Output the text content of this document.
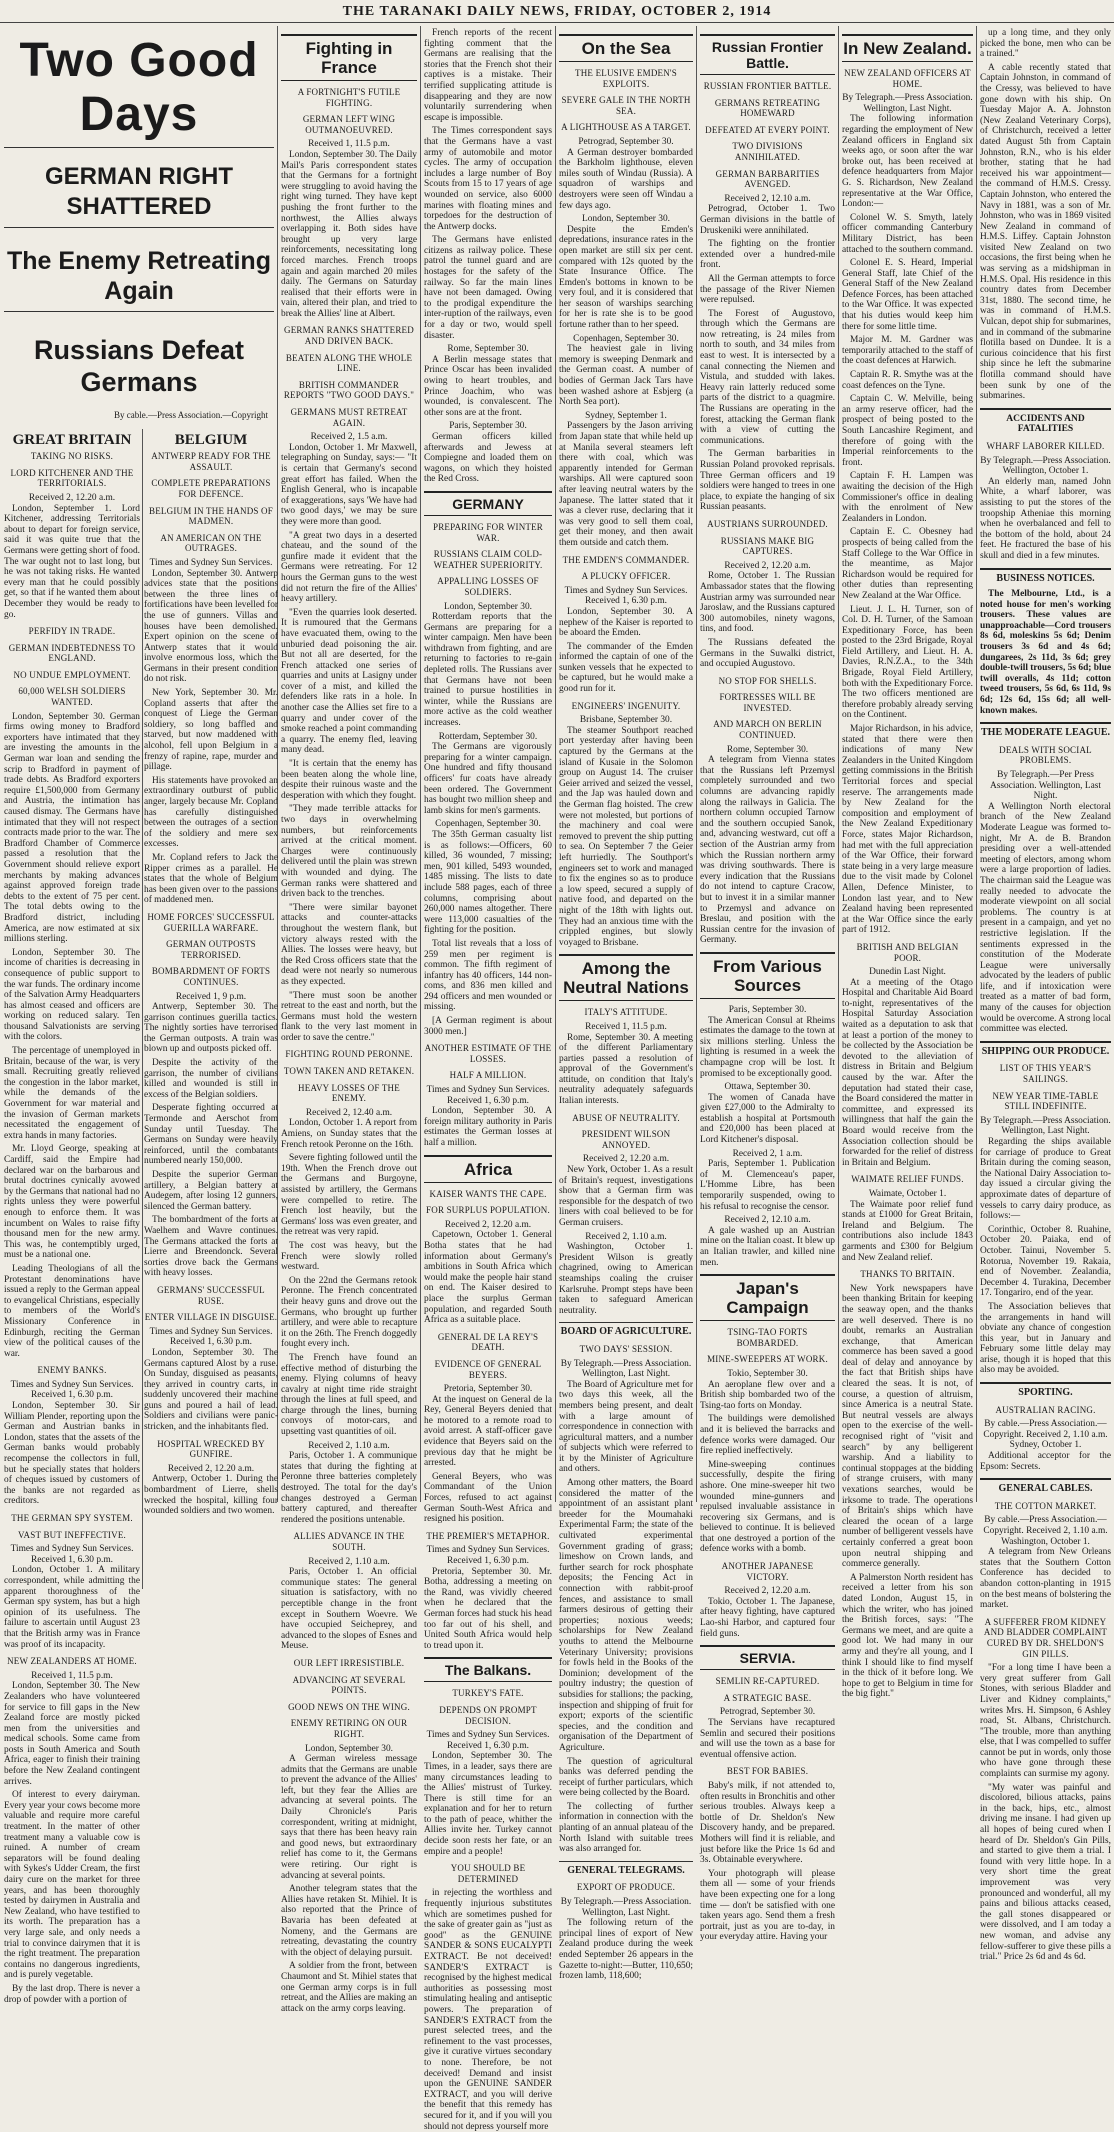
THE TARANAKI DAILY NEWS, FRIDAY, OCTOBER 2, 1914
Two Good Days
GERMAN RIGHT SHATTERED
The Enemy Retreating Again
Russians Defeat Germans
By cable.—Press Association.—Copyright
GREAT BRITAIN
TAKING NO RISKS.
LORD KITCHENER AND THE TERRITORIALS.
Received 2, 12.20 a.m.

London, September 1. Lord Kitchener, addressing Territorials about to depart for foreign service, said it was quite true that the Germans were getting short of food. The war ought not to last long, but he was not taking risks. He wanted every man that he could possibly get, so that if he wanted them about December they would be ready to go.

PERFIDY IN TRADE.
GERMAN INDEBTEDNESS TO ENGLAND.
NO UNDUE EMPLOYMENT.
60,000 WELSH SOLDIERS WANTED.

London, September 30. German firms owing money to Bradford exporters have intimated that they are investing the amounts in the German war loan and sending the scrip to Bradford in payment of trade debts. As Bradford exporters require £1,500,000 from Germany and Austria, the intimation has caused dismay. The Germans have intimated that they will not respect contracts made prior to the war. The Bradford Chamber of Commerce passed a resolution that the Government should relieve export merchants by making advances against approved foreign trade debts to the extent of 75 per cent. The total debts owing to the Bradford district, including America, are now estimated at six millions sterling.

London, September 30. The income of charities is decreasing in consequence of public support to the war funds. The ordinary income of the Salvation Army Headquarters has almost ceased and officers are working on reduced salary. Ten thousand Salvationists are serving with the colors.

The percentage of unemployed in Britain, because of the war, is very small. Recruiting greatly relieved the congestion in the labor market, while the demands of the Government for war material and the invasion of German markets necessitated the engagement of extra hands in many factories.

Mr. Lloyd George, speaking at Cardiff, said the Empire had declared war on the barbarous and brutal doctrines cynically avowed by the Germans that national had no rights unless they were powerful enough to enforce them. It was incumbent on Wales to raise fifty thousand men for the new army. This was, he contemptibly urged, must be a national one.

Leading Theologians of all the Protestant denominations have issued a reply to the German appeal to evangelical Christians, especially to members of the World's Missionary Conference in Edinburgh, reciting the German view of the political causes of the war.

ENEMY BANKS.
Times and Sydney Sun Services. Received 1, 6.30 p.m.

London, September 30. Sir William Plender, reporting upon the German and Austrian banks in London, states that the assets of the German banks would probably recompense the collectors in full, but he specially states that holders of cheques issued by customers of the banks are not regarded as creditors.

THE GERMAN SPY SYSTEM.
VAST BUT INEFFECTIVE.
Times and Sydney Sun Services. Received 1, 6.30 p.m.

London, October 1. A military correspondent, while admitting the apparent thoroughness of the German spy system, has but a high opinion of its usefulness. The failure to ascertain until August 23 that the British army was in France was proof of its incapacity.

NEW ZEALANDERS AT HOME.
Received 1, 11.5 p.m.

London, September 30. The New Zealanders who have volunteered for service to fill gaps in the New Zealand force are mostly picked men from the universities and medical schools. Some came from posts in South America and South Africa, eager to finish their training before the New Zealand contingent arrives.

Of interest to every dairyman. Every year your cows become more valuable and require more careful treatment. In the matter of other treatment many a valuable cow is ruined. A number of cream separators will be found dealing with Sykes's Udder Cream, the first dairy cure on the market for three years, and has been thoroughly tested by dairymen in Australia and New Zealand, who have testified to its worth. The preparation has a very large sale, and only needs a trial to convince dairymen that it is the right treatment. The preparation contains no dangerous ingredients, and is purely vegetable.

By the last drop. There is never a drop of powder with a portion of

BELGIUM
ANTWERP READY FOR THE ASSAULT.
COMPLETE PREPARATIONS FOR DEFENCE.
BELGIUM IN THE HANDS OF MADMEN.
AN AMERICAN ON THE OUTRAGES.
Times and Sydney Sun Services.

London, September 30. Antwerp advices state that the positions between the three lines of fortifications have been levelled for the use of gunners. Villas and houses have been demolished. Expert opinion on the scene of Antwerp states that it would involve enormous loss, which the Germans in their present condition do not risk.

New York, September 30. Mr. Copland asserts that after the conquest of Liege the German soldiery, so long baffled and starved, but now maddened with alcohol, fell upon Belgium in a frenzy of rapine, rape, murder and pillage.

His statements have provoked an extraordinary outburst of public anger, largely because Mr. Copland has carefully distinguished between the outrages of a section of the soldiery and mere sex excesses.

Mr. Copland refers to Jack the Ripper crimes as a parallel. He states that the whole of Belgium has been given over to the passions of maddened men.

HOME FORCES' SUCCESSFUL GUERILLA WARFARE.
GERMAN OUTPOSTS TERRORISED.
BOMBARDMENT OF FORTS CONTINUES.
Received 1, 9 p.m.

Antwerp, September 30. The garrison continues guerilla tactics. The nightly sorties have terrorised the German outposts. A train was blown up and outposts picked off.

Despite the activity of the garrison, the number of civilians killed and wounded is still in excess of the Belgian soldiers.

Desperate fighting occurred at Termonde and Aerschot from Sunday until Tuesday. The Germans on Sunday were heavily reinforced, until the combatants numbered nearly 150,000.

Despite the superior German artillery, a Belgian battery at Audegem, after losing 12 gunners, silenced the German battery.

The bombardment of the forts at Waelhem and Wavre continues. The Germans attacked the forts at Lierre and Breendonck. Several sorties drove back the Germans with heavy losses.

GERMANS' SUCCESSFUL RUSE.
ENTER VILLAGE IN DISGUISE.
Times and Sydney Sun Services. Received 1, 6.30 p.m.

London, September 30. The Germans captured Alost by a ruse. On Sunday, disguised as peasants, they arrived in country carts, in suddenly uncovered their machine guns and poured a hail of lead. Soldiers and civilians were panic-stricken, and the inhabitants fled.

HOSPITAL WRECKED BY GUNFIRE.
Received 2, 12.20 a.m.

Antwerp, October 1. During the bombardment of Lierre, shells wrecked the hospital, killing four wounded soldiers and two women.

Fighting in France
A FORTNIGHT'S FUTILE FIGHTING.
GERMAN LEFT WING OUTMANOEUVRED.
Received 1, 11.5 p.m.

London, September 30. The Daily Mail's Paris correspondent states that the Germans for a fortnight were struggling to avoid having the right wing turned. They have kept pushing the front further to the northwest, the Allies always overlapping it. Both sides have brought up very large reinforcements, necessitating long forced marches. French troops again and again marched 20 miles daily. The Germans on Saturday realised that their efforts were in vain, altered their plan, and tried to break the Allies' line at Albert.

GERMAN RANKS SHATTERED AND DRIVEN BACK.
BEATEN ALONG THE WHOLE LINE.
BRITISH COMMANDER REPORTS "TWO GOOD DAYS."
GERMANS MUST RETREAT AGAIN.
Received 2, 1.5 a.m.

London, October 1. Mr Maxwell, telegraphing on Sunday, says:— "It is certain that Germany's second great effort has failed. When the English General, who is incapable of exaggerations, says 'We have had two good days,' we may be sure they were more than good.

"A great two days in a deserted chateau, and the sound of the gunfire made it evident that the Germans were retreating. For 12 hours the German guns to the west did not return the fire of the Allies' heavy artillery.

"Even the quarries look deserted. It is rumoured that the Germans have evacuated them, owing to the unburied dead poisoning the air. But not all are deserted, for the French attacked one series of quarries and units at Lasigny under cover of a mist, and killed the defenders like rats in a hole. In another case the Allies set fire to a quarry and under cover of the smoke reached a point commanding a quarry. The enemy fled, leaving many dead.

"It is certain that the enemy has been beaten along the whole line, despite their ruinous waste and the desperation with which they fought.

"They made terrible attacks for two days in overwhelming numbers, but reinforcements arrived at the critical moment. Charges were continuously delivered until the plain was strewn with wounded and dying. The German ranks were shattered and driven back to the trenches.

"There were similar bayonet attacks and counter-attacks throughout the western flank, but victory always rested with the Allies. The losses were heavy, but the Red Cross officers state that the dead were not nearly so numerous as they expected.

"There must soon be another retreat to the east and north, but the Germans must hold the western flank to the very last moment in order to save the centre."

FIGHTING ROUND PERONNE.
TOWN TAKEN AND RETAKEN.
HEAVY LOSSES OF THE ENEMY.
Received 2, 12.40 a.m.

London, October 1. A report from Amiens, on Sunday states that the French retook Peronne on the 16th.

Severe fighting followed until the 19th. When the French drove out the Germans and Burgoyne, assisted by artillery, the Germans were compelled to retire. The French lost heavily, but the Germans' loss was even greater, and the retreat was very rapid.

The cost was heavy, but the French were slowly rolled westward.

On the 22nd the Germans retook Peronne. The French concentrated their heavy guns and drove out the Germans, who brought up further artillery, and were able to recapture it on the 26th. The French doggedly fought every inch.

The French have found an effective method of disturbing the enemy. Flying columns of heavy cavalry at night time ride straight through the lines at full speed, and charge through the lines, burning convoys of motor-cars, and upsetting vast quantities of oil.

Received 2, 1.10 a.m.

Paris, October 1. A communique states that during the fighting at Peronne three batteries completely destroyed. The total for the day's changes destroyed a German battery captured, and thereafter rendered the positions untenable.

ALLIES ADVANCE IN THE SOUTH.
Received 2, 1.10 a.m.

Paris, October 1. An official communique states: The general situation is satisfactory, with no perceptible change in the front except in Southern Woevre. We have occupied Seicheprey, and advanced to the slopes of Esnes and Meuse.

OUR LEFT IRRESISTIBLE.
ADVANCING AT SEVERAL POINTS.
GOOD NEWS ON THE WING.
ENEMY RETIRING ON OUR RIGHT.
London, September 30.

A German wireless message admits that the Germans are unable to prevent the advance of the Allies' left, but they fear the Allies are advancing at several points. The Daily Chronicle's Paris correspondent, writing at midnight, says that there has been heavy rain and good news, but extraordinary relief has come to it, the Germans were retiring. Our right is advancing at several points.

Another telegram states that the Allies have retaken St. Mihiel. It is also reported that the Prince of Bavaria has been defeated at Nomeny, and the Germans are retreating, devastating the country with the object of delaying pursuit.

A soldier from the front, between Chaumont and St. Mihiel states that one German army corps is in full retreat, and the Allies are making an attack on the army corps leaving.

French reports of the recent fighting comment that the Germans are realising that the stories that the French shot their captives is a mistake. Their terrified supplicating attitude is disappearing and they are now voluntarily surrendering when escape is impossible.

The Times correspondent says that the Germans have a vast army of automobile and motor cycles. The army of occupation includes a large number of Boy Scouts from 15 to 17 years of age wounded on service, also 6000 marines with floating mines and torpedoes for the destruction of the Antwerp docks.

The Germans have enlisted citizens as railway police. These patrol the tunnel guard and are hostages for the safety of the railway. So far the main lines have not been damaged. Owing to the prodigal expenditure the inter-ruption of the railways, even for a day or two, would spell disaster.

Rome, September 30.

A Berlin message states that Prince Oscar has been invalided owing to heart troubles, and Prince Joachim, who was wounded, is convalescent. The other sons are at the front.

Paris, September 30.

German officers killed afterwards and Jewess at Compiegne and loaded them on wagons, on which they hoisted the Red Cross.

GERMANY
PREPARING FOR WINTER WAR.
RUSSIANS CLAIM COLD-WEATHER SUPERIORITY.
APPALLING LOSSES OF SOLDIERS.
London, September 30.

Rotterdam reports that the Germans are preparing for a winter campaign. Men have been withdrawn from fighting, and are returning to factories to re-gain depleted rolls. The Russians aver that Germans have not been trained to pursue hostilities in winter, while the Russians are more active as the cold weather increases.

Rotterdam, September 30.

The Germans are vigorously preparing for a winter campaign. One hundred and fifty thousand officers' fur coats have already been ordered. The Government has bought two million sheep and lamb skins for men's garments.

Copenhagen, September 30.

The 35th German casualty list is as follows:—Officers, 60 killed, 36 wounded, 7 missing; men, 901 killed, 5493 wounded, 1485 missing. The lists to date include 588 pages, each of three columns, comprising about 260,000 names altogether. There were 113,000 casualties of the fighting for the position.

Total list reveals that a loss of 259 men per regiment is common. The fifth regiment of infantry has 40 officers, 144 non-coms, and 836 men killed and 294 officers and men wounded or missing.

[A German regiment is about 3000 men.]

ANOTHER ESTIMATE OF THE LOSSES.
HALF A MILLION.
Times and Sydney Sun Services. Received 1, 6.30 p.m.

London, September 30. A foreign military authority in Paris estimates the German losses at half a million.

Africa
KAISER WANTS THE CAPE.
FOR SURPLUS POPULATION.
Received 2, 12.20 a.m.

Capetown, October 1. General Botha states that he had information about Germany's ambitions in South Africa which would make the people hair stand on end. The Kaiser desired to place the surplus German population, and regarded South Africa as a suitable place.

GENERAL DE LA REY'S DEATH.
EVIDENCE OF GENERAL BEYERS.
Pretoria, September 30.

At the inquest on General de la Rey, General Beyers denied that he motored to a remote road to avoid arrest. A staff-officer gave evidence that Beyers said on the previous day that he might be arrested.

General Beyers, who was Commandant of the Union Forces, refused to act against German South-West Africa and resigned his position.

THE PREMIER'S METAPHOR.
Times and Sydney Sun Services. Received 1, 6.30 p.m.

Pretoria, September 30. Mr. Botha, addressing a meeting on the Rand, was vividly cheered when he declared that the German forces had stuck his head too far out of his shell, and United South Africa would help to tread upon it.

The Balkans.
TURKEY'S FATE.
DEPENDS ON PROMPT DECISION.
Times and Sydney Sun Services. Received 1, 6.30 p.m.

London, September 30. The Times, in a leader, says there are many circumstances leading to the Allies' mistrust of Turkey. There is still time for an explanation and for her to return to the path of peace, whither the Allies invite her. Turkey cannot decide soon rests her fate, or an empire and a people!

YOU SHOULD BE DETERMINED

in rejecting the worthless and frequently injurious substitutes which are sometimes pushed for the sake of greater gain as "just as good" as the GENUINE SANDER & SONS EUCALYPTI EXTRACT. Be not deceived! SANDER'S EXTRACT is recognised by the highest medical authorities as possessing most stimulating healing and antiseptic powers. The preparation of SANDER'S EXTRACT from the purest selected trees, and the refinement to the vast processes, give it curative virtues secondary to none. Therefore, be not deceived! Demand and insist upon the GENUINE SANDER EXTRACT, and you will derive the benefit that this remedy has secured for it, and if you will you should not depress yourself more

On the Sea
THE ELUSIVE EMDEN'S EXPLOITS.
SEVERE GALE IN THE NORTH SEA.
A LIGHTHOUSE AS A TARGET.
Petrograd, September 30.

A German destroyer bombarded the Barkholm lighthouse, eleven miles south of Windau (Russia). A squadron of warships and destroyers were seen off Windau a few days ago.

London, September 30.

Despite the Emden's depredations, insurance rates in the open market are still six per cent. compared with 12s quoted by the State Insurance Office. The Emden's bottoms in known to be very foul, and it is considered that her season of warships searching for her is rate she is to be good fortune rather than to her speed.

Copenhagen, September 30.

The heaviest gale in living memory is sweeping Denmark and the German coast. A number of bodies of German Jack Tars have been washed ashore at Esbjerg (a North Sea port).

Sydney, September 1.

Passengers by the Jason arriving from Japan state that while held up at Manila several steamers left there with coal, which was apparently intended for German warships. All were captured soon after leaving neutral waters by the Japanese. The latter stated that it was a clever ruse, declaring that it was very good to sell them coal, get their money, and then await them outside and catch them.

THE EMDEN'S COMMANDER.
A PLUCKY OFFICER.
Times and Sydney Sun Services. Received 1, 6.30 p.m.

London, September 30. A nephew of the Kaiser is reported to be aboard the Emden.

The commander of the Emden informed the captain of one of the sunken vessels that he expected to be captured, but he would make a good run for it.

ENGINEERS' INGENUITY.
Brisbane, September 30.

The steamer Southport reached port yesterday after having been captured by the Germans at the island of Kusaie in the Solomon group on August 14. The cruiser Geier arrived and seized the vessel, and the Jap was hauled down and the German flag hoisted. The crew were not molested, but portions of the machinery and coal were removed to prevent the ship putting to sea. On September 7 the Geier left hurriedly. The Southport's engineers set to work and managed to fix the engines so as to produce a low speed, secured a supply of native food, and departed on the night of the 18th with lights out. They had an anxious time with the crippled engines, but slowly voyaged to Brisbane.

Among the Neutral Nations
ITALY'S ATTITUDE.
Received 1, 11.5 p.m.

Rome, September 30. A meeting of the different Parliamentary parties passed a resolution of approval of the Government's attitude, on condition that Italy's neutrality adequately safeguards Italian interests.

ABUSE OF NEUTRALITY.
PRESIDENT WILSON ANNOYED.
Received 2, 12.20 a.m.

New York, October 1. As a result of Britain's request, investigations show that a German firm was responsible for the despatch of two liners with coal believed to be for German cruisers.

Received 2, 1.10 a.m.

Washington, October 1. President Wilson is greatly chagrined, owing to American steamships coaling the cruiser Karlsruhe. Prompt steps have been taken to safeguard American neutrality.

BOARD OF AGRICULTURE.
TWO DAYS' SESSION.
By Telegraph.—Press Association. Wellington, Last Night.

The Board of Agriculture met for two days this week, all the members being present, and dealt with a large amount of correspondence in connection with agricultural matters, and a number of subjects which were referred to it by the Minister of Agriculture and others.

Among other matters, the Board considered the matter of the appointment of an assistant plant breeder for the Moumahaki Experimental Farm; the state of the cultivated experimental Government grading of grass; limeshow on Crown lands, and further search for rock phosphate deposits; the Fencing Act in connection with rabbit-proof fences, and assistance to small farmers desirous of getting their properties; noxious weeds; scholarships for New Zealand youths to attend the Melbourne Veterinary University; provisions for fowls held in the Books of the Dominion; development of the poultry industry; the question of subsidies for stallions; the packing, inspection and shipping of fruit for export; exports of the scientific species, and the condition and organisation of the Department of Agriculture.

The question of agricultural banks was deferred pending the receipt of further particulars, which were being collected by the Board.

The collecting of further information in connection with the planting of an annual plateau of the North Island with suitable trees was also arranged for.

GENERAL TELEGRAMS.
EXPORT OF PRODUCE.
By Telegraph.—Press Association. Wellington, Last Night.

The following return of the principal lines of export of New Zealand produce during the week ended September 26 appears in the Gazette to-night:—Butter, 110,650; frozen lamb, 118,600;

Russian Frontier Battle.
RUSSIAN FRONTIER BATTLE.
GERMANS RETREATING HOMEWARD
DEFEATED AT EVERY POINT.
TWO DIVISIONS ANNIHILATED.
GERMAN BARBARITIES AVENGED.
Received 2, 12.10 a.m.

Petrograd, October 1. Two German divisions in the battle of Druskeniki were annihilated.

The fighting on the frontier extended over a hundred-mile front.

All the German attempts to force the passage of the River Niemen were repulsed.

The Forest of Augustovo, through which the Germans are now retreating, is 24 miles from north to south, and 34 miles from east to west. It is intersected by a canal connecting the Niemen and Vistula, and studded with lakes. Heavy rain latterly reduced some parts of the district to a quagmire. The Russians are operating in the forest, attacking the German flank with a view of cutting the communications.

The German barbarities in Russian Poland provoked reprisals. Three German officers and 19 soldiers were hanged to trees in one place, to expiate the hanging of six Russian peasants.

AUSTRIANS SURROUNDED.
RUSSIANS MAKE BIG CAPTURES.
Received 2, 12.20 a.m.

Rome, October 1. The Russian Ambassador states that the flowing Austrian army was surrounded near Jaroslaw, and the Russians captured 300 automobiles, ninety wagons, tins, and food.

The Russians defeated the Germans in the Suwalki district, and occupied Augustovo.

NO STOP FOR SHELLS.
FORTRESSES WILL BE INVESTED.
AND MARCH ON BERLIN CONTINUED.
Rome, September 30.

A telegram from Vienna states that the Russians left Przemysl completely surrounded and two columns are advancing rapidly along the railways in Galicia. The northern column occupied Tarnow and the southern occupied Sanok, and, advancing westward, cut off a section of the Austrian army from which the Russian northern army was driving southwards. There is every indication that the Russians do not intend to capture Cracow, but to invest it in a similar manner to Przemysl and advance on Breslau, and position with the Russian centre for the invasion of Germany.

From Various Sources
Paris, September 30.

The American Consul at Rheims estimates the damage to the town at six millions sterling. Unless the lighting is resumed in a week the champagne crop will be lost. It promised to be exceptionally good.

Ottawa, September 30.

The women of Canada have given £27,000 to the Admiralty to establish a hospital at Portsmouth and £20,000 has been placed at Lord Kitchener's disposal.

Received 2, 1 a.m.

Paris, September 1. Publication of M. Clemenceau's paper, L'Homme Libre, has been temporarily suspended, owing to his refusal to recognise the censor.

Received 2, 12.10 a.m.

A gale washed up an Austrian mine on the Italian coast. It blew up an Italian trawler, and killed nine men.

Japan's Campaign
TSING-TAO FORTS BOMBARDED.
MINE-SWEEPERS AT WORK.
Tokio, September 30.

An aeroplane flew over and a British ship bombarded two of the Tsing-tao forts on Monday.

The buildings were demolished and it is believed the barracks and defence works were damaged. Our fire replied ineffectively.

Mine-sweeping continues successfully, despite the firing ashore. One mine-sweeper hit two wounded mine-gunners and repulsed invaluable assistance in recovering six Germans, and is believed to continue. It is believed that one destroyed a portion of the defence works with a bomb.

ANOTHER JAPANESE VICTORY.
Received 2, 12.20 a.m.

Tokio, October 1. The Japanese, after heavy fighting, have captured Lao-shi Harbor, and captured four field guns.

SERVIA.
SEMLIN RE-CAPTURED.
A STRATEGIC BASE.
Petrograd, September 30.

The Servians have recaptured Semlin and secured their positions and will use the town as a base for eventual offensive action.

BEST FOR BABIES.

Baby's milk, if not attended to, often results in Bronchitis and other serious troubles. Always keep a bottle of Dr. Sheldon's New Discovery handy, and be prepared. Mothers will find it is reliable, and just before like the Price 1s 6d and 3s. Obtainable everywhere.

Your photograph will please them all — some of your friends have been expecting one for a long time — don't be satisfied with one taken years ago. Send them a fresh portrait, just as you are to-day, in your everyday attire. Having your

In New Zealand.
NEW ZEALAND OFFICERS AT HOME.
By Telegraph.—Press Association. Wellington, Last Night.

The following information regarding the employment of New Zealand officers in England six weeks ago, or soon after the war broke out, has been received at defence headquarters from Major G. S. Richardson, New Zealand representative at the War Office, London:—

Colonel W. S. Smyth, lately officer commanding Canterbury Military District, has been attached to the southern command.

Colonel E. S. Heard, Imperial General Staff, late Chief of the General Staff of the New Zealand Defence Forces, has been attached to the War Office. It was expected that his duties would keep him there for some little time.

Major M. M. Gardner was temporarily attached to the staff of the coast defences at Harwich.

Captain R. R. Smythe was at the coast defences on the Tyne.

Captain C. W. Melville, being an army reserve officer, had the prospect of being posted to the South Lancashire Regiment, and therefore of going with the Imperial reinforcements to the front.

Captain F. H. Lampen was awaiting the decision of the High Commissioner's office in dealing with the enrolment of New Zealanders in London.

Captain E. C. Obesney had prospects of being called from the Staff College to the War Office in the meantime, as Major Richardson would be required for other duties than representing New Zealand at the War Office.

Lieut. J. L. H. Turner, son of Col. D. H. Turner, of the Samoan Expeditionary Force, has been posted to the 23rd Brigade, Royal Field Artillery, and Lieut. H. A. Davies, R.N.Z.A., to the 34th Brigade, Royal Field Artillery, both with the Expeditionary Force. The two officers mentioned are therefore probably already serving on the Continent.

Major Richardson, in his advice, stated that there were then indications of many New Zealanders in the United Kingdom getting commissions in the British Territorial forces and special reserve. The arrangements made by New Zealand for the composition and employment of the New Zealand Expeditionary Force, states Major Richardson, had met with the full appreciation of the War Office, their forward state being in a very large measure due to the visit made by Colonel Allen, Defence Minister, to London last year, and to New Zealand having been represented at the War Office since the early part of 1912.

BRITISH AND BELGIAN POOR.
Dunedin Last Night.

At a meeting of the Otago Hospital and Charitable Aid Board to-night, representatives of the Hospital Saturday Association waited as a deputation to ask that at least a portion of the money to be collected by the Association be devoted to the alleviation of distress in Britain and Belgium caused by the war. After the deputation had stated their case, the Board considered the matter in committee, and expressed its willingness that half the gain the Board would receive from the Association collection should be forwarded for the relief of distress in Britain and Belgium.

WAIMATE RELIEF FUNDS.
Waimate, October 1.

The Waimate poor relief fund stands at £1000 for Great Britain, Ireland and Belgium. The contributions also include 1843 garments and £300 for Belgium and New Zealand relief.

THANKS TO BRITAIN.

New York newspapers have been thanking Britain for keeping the seaway open, and the thanks are well deserved. There is no doubt, remarks an Australian exchange, that American commerce has been saved a good deal of delay and annoyance by the fact that British ships have cleared the seas. It is not, of course, a question of altruism, since America is a neutral State. But neutral vessels are always open to the exercise of the well-recognised right of "visit and search" by any belligerent warship. And a liability to continual stoppages at the bidding of strange cruisers, with many vexations searches, would be irksome to trade. The operations of Britain's ships which have cleared the ocean of a large number of belligerent vessels have certainly conferred a great boon upon neutral shipping and commerce generally.

A Palmerston North resident has received a letter from his son dated London, August 15, in which the writer, who has joined the British forces, says: "The Germans we meet, and are quite a good lot. We had many in our army and they're all young, and I think I should like to find myself in the thick of it before long. We hope to get to Belgium in time for the big fight."

up a long time, and they only picked the bone, men who can be a trained."

A cable recently stated that Captain Johnston, in command of the Cressy, was believed to have gone down with his ship. On Tuesday Major A. A. Johnston (New Zealand Veterinary Corps), of Christchurch, received a letter dated August 5th from Captain Johnston, R.N., who is his elder brother, stating that he had received his war appointment—the command of H.M.S. Cressy. Captain Johnston, who entered the Navy in 1881, was a son of Mr. Johnston, who was in 1869 visited New Zealand in command of H.M.S. Liffey. Captain Johnston visited New Zealand on two occasions, the first being when he was serving as a midshipman in H.M.S. Opal. His residence in this country dates from December 31st, 1880. The second time, he was in command of H.M.S. Vulcan, depot ship for submarines, and in command of the submarine flotilla based on Dundee. It is a curious coincidence that his first ship since he left the submarine flotilla command should have been sunk by one of the submarines.

ACCIDENTS AND FATALITIES
WHARF LABORER KILLED.
By Telegraph.—Press Association. Wellington, October 1.

An elderly man, named John White, a wharf laborer, was assisting to put the stores of the troopship Atheniae this morning when he overbalanced and fell to the bottom of the hold, about 24 feet. He fractured the base of his skull and died in a few minutes.

BUSINESS NOTICES.

The Melbourne, Ltd., is a noted house for men's working trousers. These values are unapproachable—Cord trousers 8s 6d, moleskins 5s 6d; Denim trousers 3s 6d and 4s 6d; dungarees, 2s 11d, 3s 6d; grey double-twill trousers, 5s 6d; blue twill overalls, 4s 11d; cotton tweed trousers, 5s 6d, 6s 11d, 9s 6d; 12s 6d, 15s 6d; all well-known makes.

THE MODERATE LEAGUE.
DEALS WITH SOCIAL PROBLEMS.
By Telegraph.—Per Press Association. Wellington, Last Night.

A Wellington North electoral branch of the New Zealand Moderate League was formed to-night, Mr A. de B. Brandon presiding over a well-attended meeting of electors, among whom were a large proportion of ladies. The chairman said the League was really needed to advocate the moderate viewpoint on all social problems. The country is at present in a campaign, and yet no restrictive legislation. If the sentiments expressed in the constitution of the Moderate League were universally advocated by the leaders of public life, and if intoxication were treated as a matter of bad form, many of the causes for objection would be overcome. A strong local committee was elected.

SHIPPING OUR PRODUCE.
LIST OF THIS YEAR'S SAILINGS.
NEW YEAR TIME-TABLE STILL INDEFINITE.
By Telegraph.—Press Association. Wellington, Last Night.

Regarding the ships available for carriage of produce to Great Britain during the coming season, the National Dairy Association to-day issued a circular giving the approximate dates of departure of vessels to carry dairy produce, as follows:—

Corinthic, October 8. Ruahine, October 20. Paiaka, end of October. Tainui, November 5. Rotorua, November 19. Rakaia, end of November. Zealandia, December 4. Turakina, December 17. Tongariro, end of the year.

The Association believes that the arrangements in hand will obviate any chance of congestion this year, but in January and February some little delay may arise, though it is hoped that this also may be avoided.

SPORTING.
AUSTRALIAN RACING.
By cable.—Press Association.—Copyright. Received 2, 1.10 a.m. Sydney, October 1.

Additional acceptor for the Epsom: Secrets.

GENERAL CABLES.
THE COTTON MARKET.
By cable.—Press Association.—Copyright. Received 2, 1.10 a.m. Washington, October 1.

A telegram from New Orleans states that the Southern Cotton Conference has decided to abandon cotton-planting in 1915 on the best means of bolstering the market.

A SUFFERER FROM KIDNEY AND BLADDER COMPLAINT CURED BY DR. SHELDON'S GIN PILLS.

"For a long time I have been a very great sufferer from Gall Stones, with serious Bladder and Liver and Kidney complaints," writes Mrs. H. Simpson, 6 Ashley road, St. Albans, Christchurch. "The trouble, more than anything else, that I was compelled to suffer cannot be put in words, only those who have gone through these complaints can surmise my agony.

"My water was painful and discolored, bilious attacks, pains in the back, hips, etc., almost driving me insane. I had given up all hopes of being cured when I heard of Dr. Sheldon's Gin Pills, and started to give them a trial. I found with very little hope. In a very short time the great improvement was very pronounced and wonderful, all my pains and bilious attacks ceased, the gall stones disappeared or were dissolved, and I am today a new woman, and advise any fellow-sufferer to give these pills a trial." Price 2s 6d and 4s 6d.
